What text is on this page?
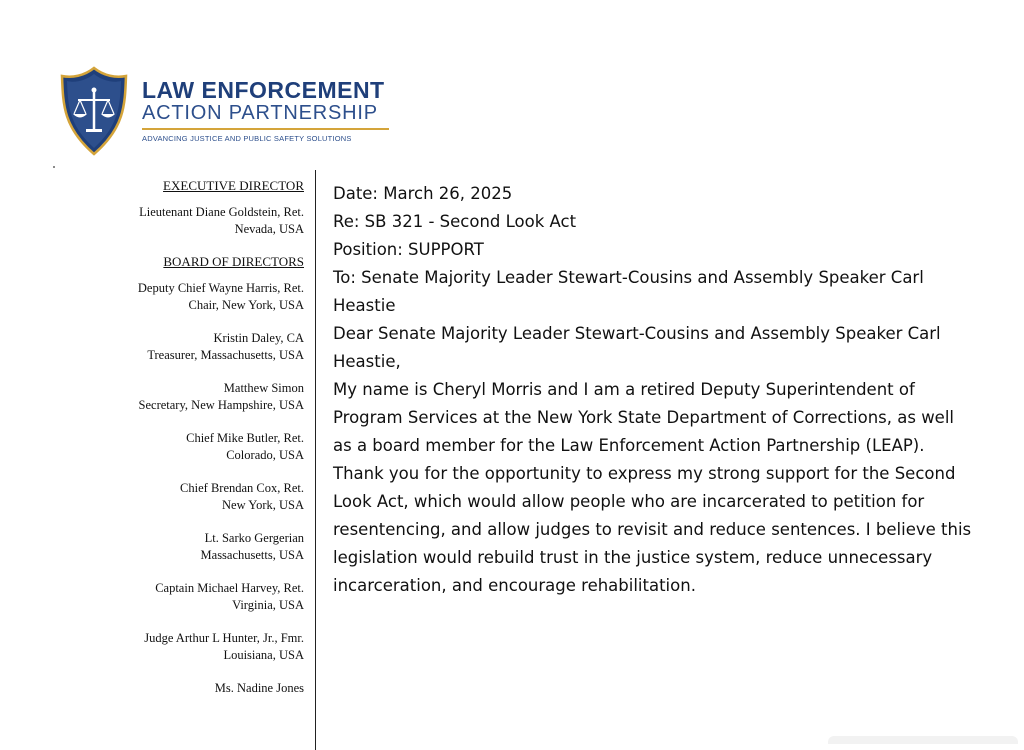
LAW ENFORCEMENT
ACTION PARTNERSHIP
ADVANCING JUSTICE AND PUBLIC SAFETY SOLUTIONS
EXECUTIVE DIRECTOR
Lieutenant Diane Goldstein, Ret.
Nevada, USA
BOARD OF DIRECTORS
Deputy Chief Wayne Harris, Ret.
Chair, New York, USA
Kristin Daley, CA
Treasurer, Massachusetts, USA
Matthew Simon
Secretary, New Hampshire, USA
Chief Mike Butler, Ret.
Colorado, USA
Chief Brendan Cox, Ret.
New York, USA
Lt. Sarko Gergerian
Massachusetts, USA
Captain Michael Harvey, Ret.
Virginia, USA
Judge Arthur L Hunter, Jr., Fmr.
Louisiana, USA
Ms. Nadine Jones

Date: March 26, 2025

Re: SB 321 - Second Look Act

Position: SUPPORT

To: Senate Majority Leader Stewart-Cousins and Assembly Speaker Carl Heastie

Dear Senate Majority Leader Stewart-Cousins and Assembly Speaker Carl Heastie,

My name is Cheryl Morris and I am a retired Deputy Superintendent of Program Services at the New York State Department of Corrections, as well as a board member for the Law Enforcement Action Partnership (LEAP). Thank you for the opportunity to express my strong support for the Second Look Act, which would allow people who are incarcerated to petition for resentencing, and allow judges to revisit and reduce sentences. I believe this legislation would rebuild trust in the justice system, reduce unnecessary incarceration, and encourage rehabilitation.
